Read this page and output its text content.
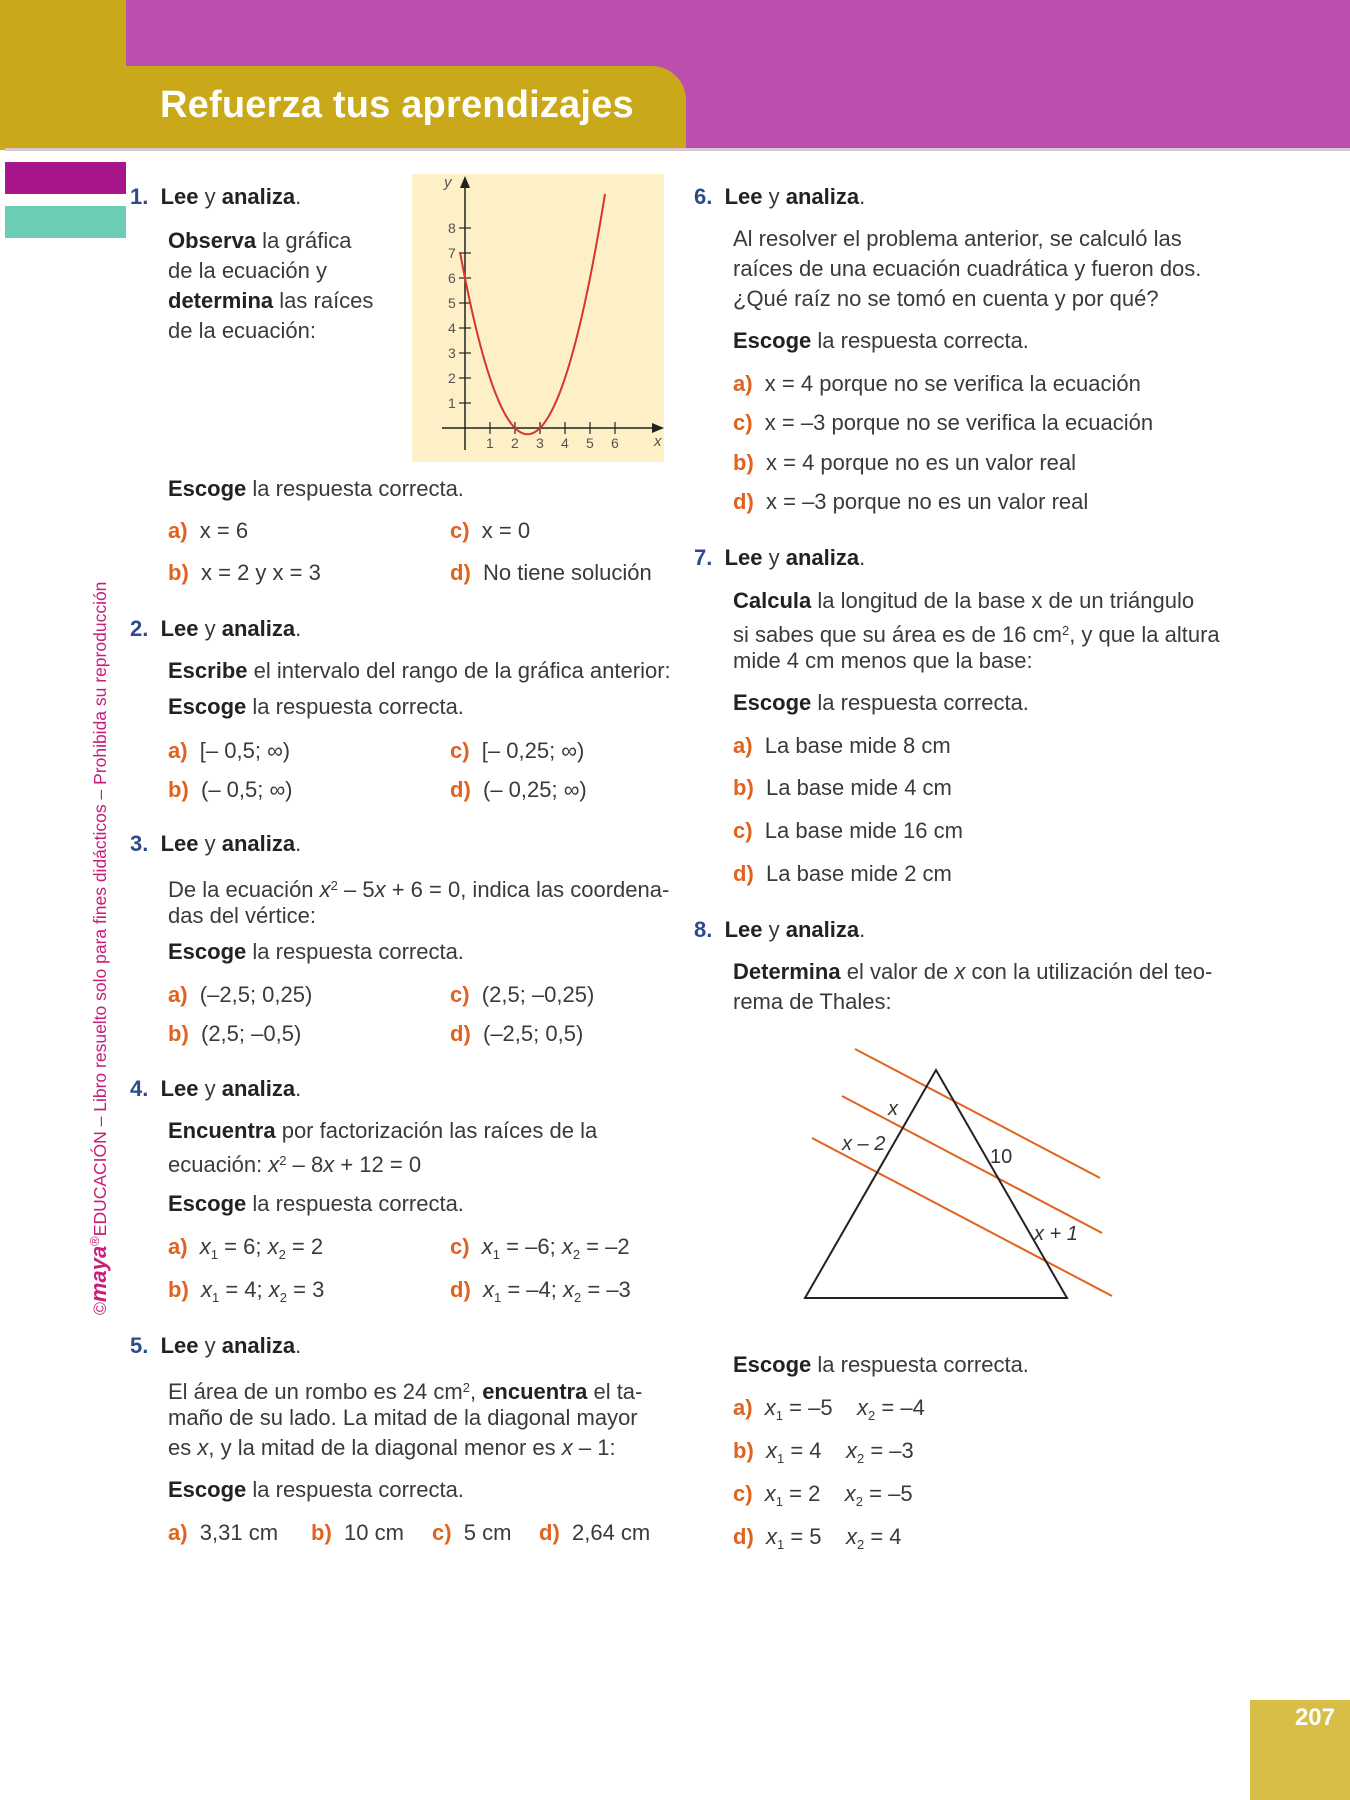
Refuerza tus aprendizajes
©maya®EDUCACIÓN – Libro resuelto solo para fines didácticos – Prohibida su reproducción
1. Lee y analiza.
Observa la gráfica
de la ecuación y
determina las raíces
de la ecuación:
y
x
1 2 3 4 5 6
1
2
3
4
5
6
7
8
Escoge la respuesta correcta.
a) x = 6
b) x = 2 y x = 3
c) x = 0
d) No tiene solución
2. Lee y analiza.
Escribe el intervalo del rango de la gráfica anterior:
Escoge la respuesta correcta.
a) [– 0,5; ∞)
b) (– 0,5; ∞)
c) [– 0,25; ∞)
d) (– 0,25; ∞)
3. Lee y analiza.
De la ecuación $x^2 - 5x + 6 = 0$, indica las coordena-
das del vértice:
Escoge la respuesta correcta.
a) (–2,5; 0,25)
b) (2,5; –0,5)
c) (2,5; –0,25)
d) (–2,5; 0,5)
4. Lee y analiza.
Encuentra por factorización las raíces de la
ecuación: $x^2 - 8x + 12 = 0$
Escoge la respuesta correcta.
a) $x_1 = 6$; $x_2 = 2$
b) $x_1 = 4$; $x_2 = 3$
c) $x_1 = -6$; $x_2 = -2$
d) $x_1 = -4$; $x_2 = -3$
5. Lee y analiza.
El área de un rombo es 24 $cm^2$, encuentra el ta-
maño de su lado. La mitad de la diagonal mayor
es x, y la mitad de la diagonal menor es x – 1:
Escoge la respuesta correcta.
a) 3,31 cm b) 10 cm c) 5 cm d) 2,64 cm
6. Lee y analiza.
Al resolver el problema anterior, se calculó las
raíces de una ecuación cuadrática y fueron dos.
¿Qué raíz no se tomó en cuenta y por qué?
Escoge la respuesta correcta.
a) x = 4 porque no se verifica la ecuación
c) x = –3 porque no se verifica la ecuación
b) x = 4 porque no es un valor real
d) x = –3 porque no es un valor real
7. Lee y analiza.
Calcula la longitud de la base x de un triángulo
si sabes que su área es de 16 $cm^2$, y que la altura
mide 4 cm menos que la base:
Escoge la respuesta correcta.
a) La base mide 8 cm
b) La base mide 4 cm
c) La base mide 16 cm
d) La base mide 2 cm
8. Lee y analiza.
Determina el valor de x con la utilización del teo-
rema de Thales:
x
x – 2
10
x + 1
Escoge la respuesta correcta.
a) $x_1 = -5$ $x_2 = -4$
b) $x_1 = 4$ $x_2 = -3$
c) $x_1 = 2$ $x_2 = -5$
d) $x_1 = 5$ $x_2 = 4$
207
